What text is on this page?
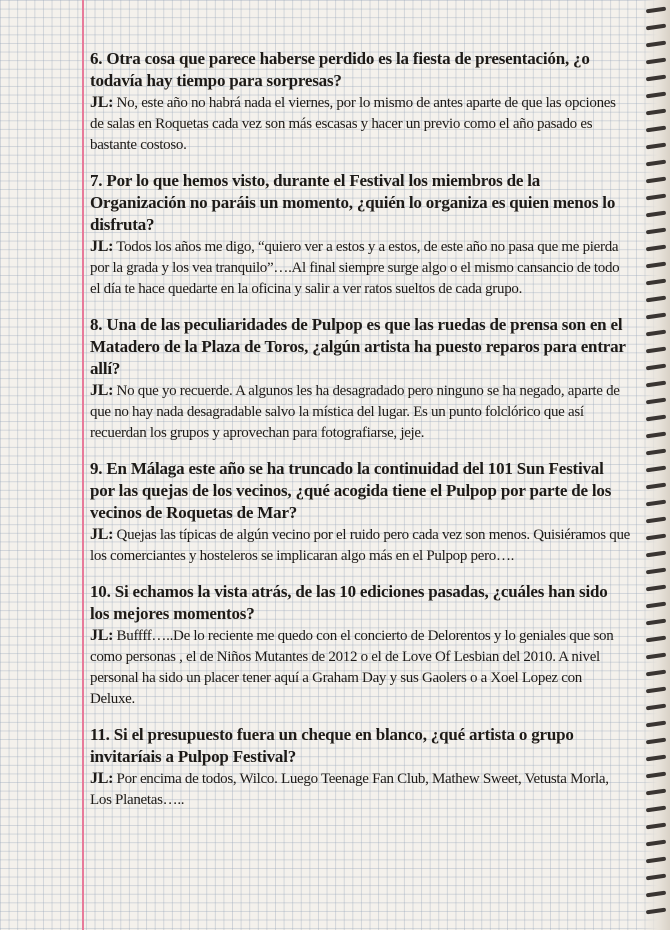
6. Otra cosa que parece haberse perdido es la fiesta de presentación, ¿o todavía hay tiempo para sorpresas?

JL: No, este año no habrá nada el viernes, por lo mismo de antes aparte de que las opciones de salas en Roquetas cada vez son más escasas y hacer un previo como el año pasado es bastante costoso.

7. Por lo que hemos visto, durante el Festival los miembros de la Organización no paráis un momento, ¿quién lo organiza es quien menos lo disfruta?

JL: Todos los años me digo, “quiero ver a estos y a estos, de este año no pasa que me pierda por la grada y los vea tranquilo”….Al final siempre surge algo o el mismo cansancio de todo el día te hace quedarte en la oficina y salir a ver ratos sueltos de cada grupo.

8. Una de las peculiaridades de Pulpop es que las ruedas de prensa son en el Matadero de la Plaza de Toros, ¿algún artista ha puesto reparos para entrar allí?

JL: No que yo recuerde. A algunos les ha desagradado pero ninguno se ha negado, aparte de que no hay nada desagradable salvo la mística del lugar. Es un punto folclórico que así recuerdan los grupos y aprovechan para fotografiarse, jeje.

9. En Málaga este año se ha truncado la continuidad del 101 Sun Festival por las quejas de los vecinos, ¿qué acogida tiene el Pulpop por parte de los vecinos de Roquetas de Mar?

JL: Quejas las típicas de algún vecino por el ruido pero cada vez son menos. Quisiéramos que los comerciantes y hosteleros se implicaran algo más en el Pulpop pero….

10. Si echamos la vista atrás, de las 10 ediciones pasadas, ¿cuáles han sido los mejores momentos?

JL: Buffff…..De lo reciente me quedo con el concierto de Delorentos y lo geniales que son como personas , el de Niños Mutantes de 2012 o el de Love Of Lesbian del 2010. A nivel personal ha sido un placer tener aquí a Graham Day y sus Gaolers o a Xoel Lopez con Deluxe.

11. Si el presupuesto fuera un cheque en blanco, ¿qué artista o grupo invitaríais a Pulpop Festival?

JL: Por encima de todos, Wilco. Luego Teenage Fan Club, Mathew Sweet, Vetusta Morla, Los Planetas…..
